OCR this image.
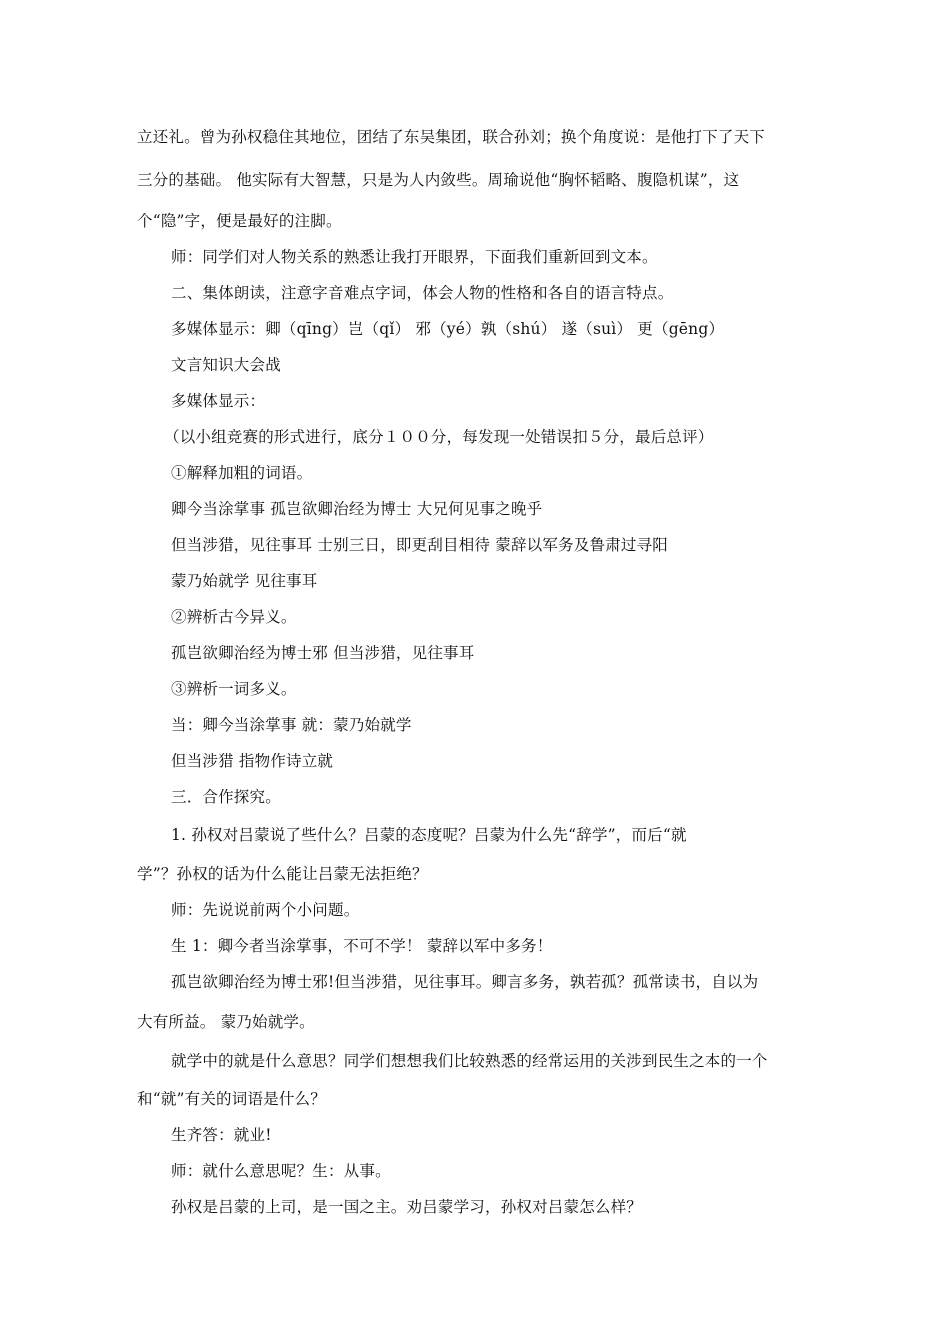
立还礼。曾为孙权稳住其地位，团结了东吴集团，联合孙刘；换个角度说：是他打下了天下
三分的基础。 他实际有大智慧，只是为人内敛些。周瑜说他“胸怀韬略、腹隐机谋”，这
个“隐”字，便是最好的注脚。
师：同学们对人物关系的熟悉让我打开眼界，下面我们重新回到文本。
二、集体朗读，注意字音难点字词，体会人物的性格和各自的语言特点。
多媒体显示：卿（qīng）岂（qǐ） 邪（yé）孰（shú） 遂（suì） 更（gēng）
文言知识大会战
多媒体显示：
（以小组竞赛的形式进行，底分１００分，每发现一处错误扣５分，最后总评）
①解释加粗的词语。
卿今当涂掌事 孤岂欲卿治经为博士 大兄何见事之晚乎
但当涉猎，见往事耳 士别三日，即更刮目相待 蒙辞以军务及鲁肃过寻阳
蒙乃始就学 见往事耳
②辨析古今异义。
孤岂欲卿治经为博士邪 但当涉猎，见往事耳
③辨析一词多义。
当：卿今当涂掌事 就：蒙乃始就学
但当涉猎 指物作诗立就
三．合作探究。
1. 孙权对吕蒙说了些什么？吕蒙的态度呢？吕蒙为什么先“辞学”，而后“就
学”？孙权的话为什么能让吕蒙无法拒绝？
师：先说说前两个小问题。
生 1：卿今者当涂掌事，不可不学！ 蒙辞以军中多务！
孤岂欲卿治经为博士邪!但当涉猎，见往事耳。卿言多务，孰若孤？孤常读书，自以为
大有所益。 蒙乃始就学。
就学中的就是什么意思？同学们想想我们比较熟悉的经常运用的关涉到民生之本的一个
和“就”有关的词语是什么？
生齐答：就业!
师：就什么意思呢？生：从事。
孙权是吕蒙的上司，是一国之主。劝吕蒙学习，孙权对吕蒙怎么样？
